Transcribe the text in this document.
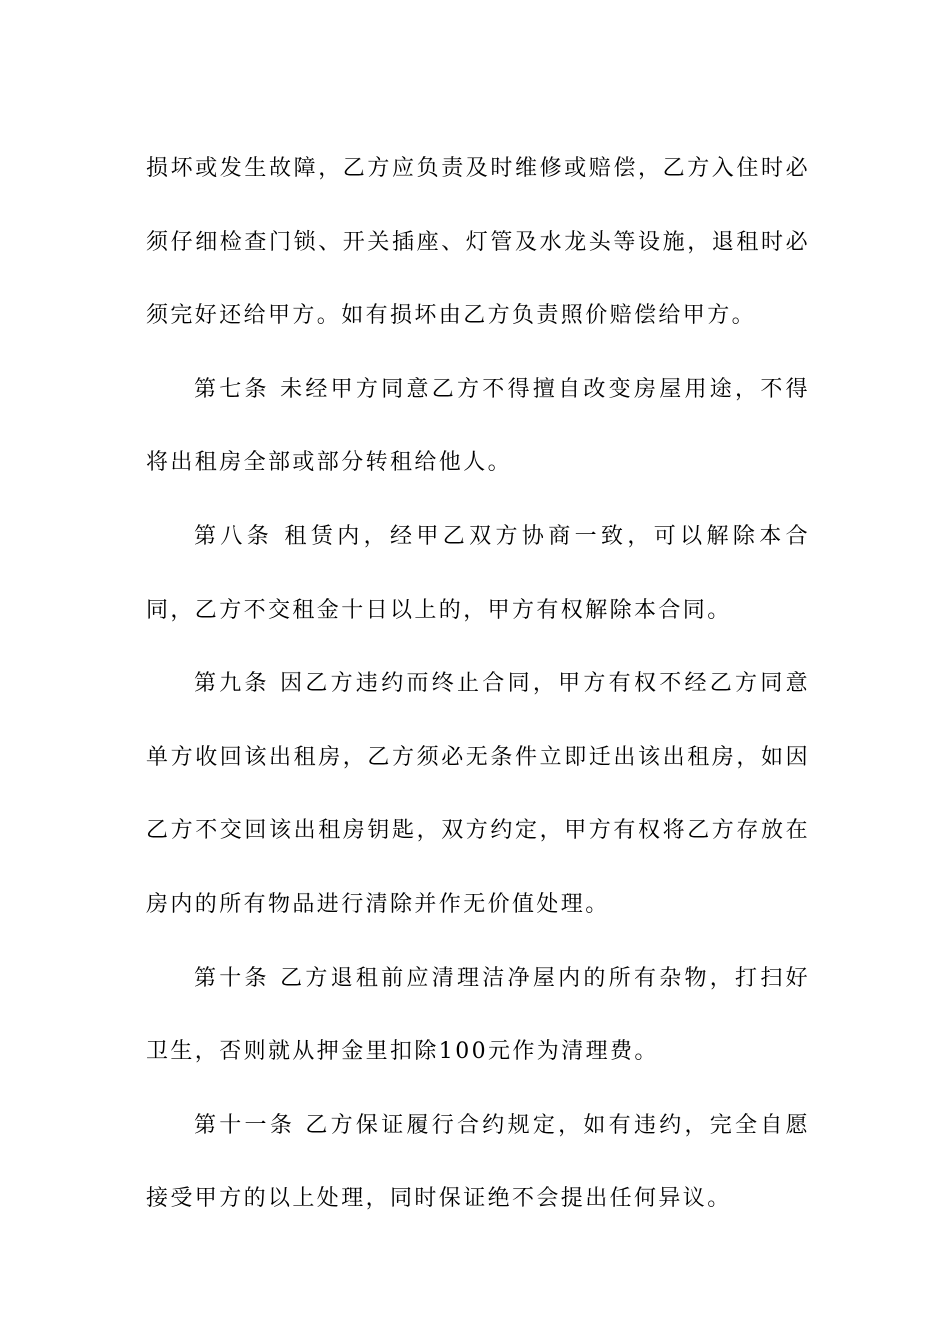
损坏或发生故障，乙方应负责及时维修或赔偿，乙方入住时必须仔细检查门锁、开关插座、灯管及水龙头等设施，退租时必须完好还给甲方。如有损坏由乙方负责照价赔偿给甲方。

第七条 未经甲方同意乙方不得擅自改变房屋用途，不得将出租房全部或部分转租给他人。

第八条 租赁内，经甲乙双方协商一致，可以解除本合同，乙方不交租金十日以上的，甲方有权解除本合同。

第九条 因乙方违约而终止合同，甲方有权不经乙方同意单方收回该出租房，乙方须必无条件立即迁出该出租房，如因乙方不交回该出租房钥匙，双方约定，甲方有权将乙方存放在房内的所有物品进行清除并作无价值处理。

第十条 乙方退租前应清理洁净屋内的所有杂物，打扫好卫生，否则就从押金里扣除100元作为清理费。

第十一条 乙方保证履行合约规定，如有违约，完全自愿接受甲方的以上处理，同时保证绝不会提出任何异议。
